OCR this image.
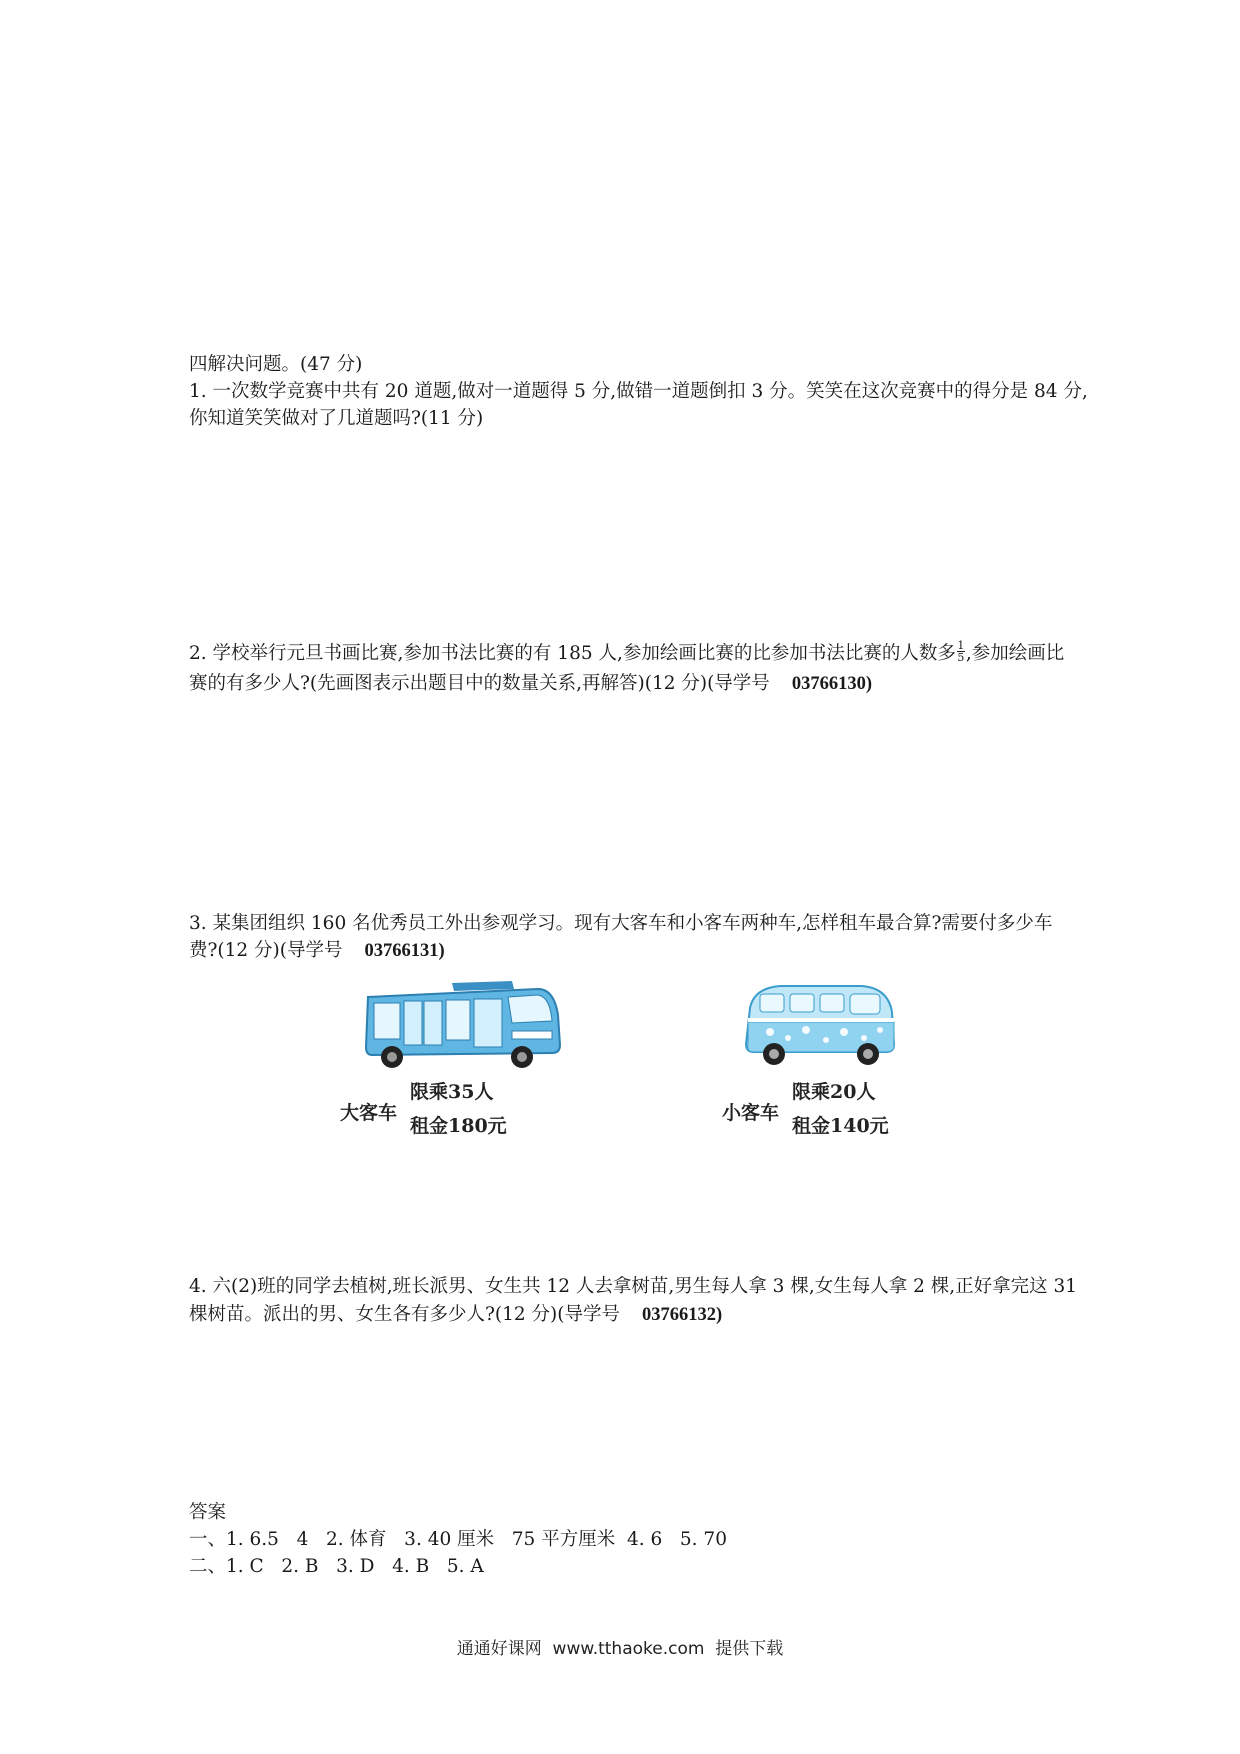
四解决问题。(47 分)
1. 一次数学竞赛中共有 20 道题,做对一道题得 5 分,做错一道题倒扣 3 分。笑笑在这次竞赛中的得分是 84 分,
你知道笑笑做对了几道题吗?(11 分)
2. 学校举行元旦书画比赛,参加书法比赛的有 185 人,参加绘画比赛的比参加书法比赛的人数多 $\frac{1}{5}$ ,参加绘画比
赛的有多少人?(先画图表示出题目中的数量关系,再解答)(12 分)(导学号 03766130)
3. 某集团组织 160 名优秀员工外出参观学习。现有大客车和小客车两种车,怎样租车最合算?需要付多少车
费?(12 分)(导学号 03766131)
大客车
限乘35人
租金180元
小客车
限乘20人
租金140元
4. 六(2)班的同学去植树,班长派男、女生共 12 人去拿树苗,男生每人拿 3 棵,女生每人拿 2 棵,正好拿完这 31
棵树苗。派出的男、女生各有多少人?(12 分)(导学号 03766132)
答案
一、1. 6.5   4   2. 体育   3. 40 厘米   75 平方厘米  4. 6   5. 70
二、1. C   2. B   3. D   4. B   5. A
通通好课网  www.tthaoke.com  提供下载
